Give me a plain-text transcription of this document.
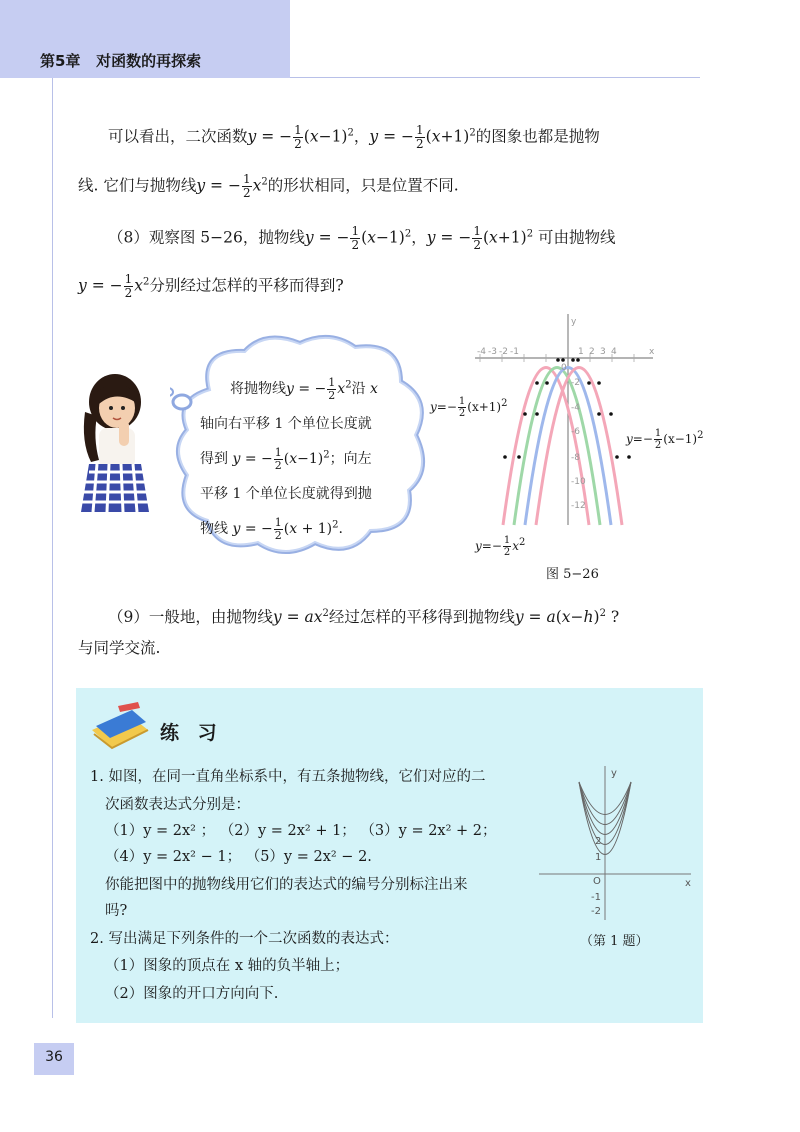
第5章 对函数的再探索
可以看出，二次函数y = − $\frac{1}{2} (x-1)^2$，y = − $\frac{1}{2} (x+1)^2$的图象也都是抛物
线. 它们与抛物线y = − $\frac{1}{2} x^2$的形状相同，只是位置不同.
（8）观察图 5−26，抛物线y = − $\frac{1}{2} (x-1)^2$，y = − $\frac{1}{2} (x+1)^2$ 可由抛物线
y = − $\frac{1}{2} x^2$分别经过怎样的平移而得到?
将抛物线y = − $\frac{1}{2} x^2$沿 x
轴向右平移 1 个单位长度就
得到 y = − $\frac{1}{2} (x-1)^2$；向左
平移 1 个单位长度就得到抛
物线 y = − $\frac{1}{2} (x + 1)^2$.
-4 -3 -2 -1
0
1 2 3 4	x
y
-2
-4
-6
-8
-10
-12
$y=- \frac{1}{2} (x+1)^2$
$y=- \frac{1}{2} (x-1)^2$
$y=- \frac{1}{2} x^2$
图 5−26
（9）一般地，由抛物线$y = ax^2$经过怎样的平移得到抛物线$y = a(x-h)^2$ ?
与同学交流.
练 习
1. 如图，在同一直角坐标系中，有五条抛物线，它们对应的二
次函数表达式分别是：
（1）y = 2x² ； （2）y = 2x² + 1； （3）y = 2x² + 2；
（4）y = 2x² − 1； （5）y = 2x² − 2.
你能把图中的抛物线用它们的表达式的编号分别标注出来
吗?
2. 写出满足下列条件的一个二次函数的表达式：
（1）图象的顶点在 x 轴的负半轴上；
（2）图象的开口方向向下.
y
x
2
1
O
-1
-2
（第 1 题）
36
